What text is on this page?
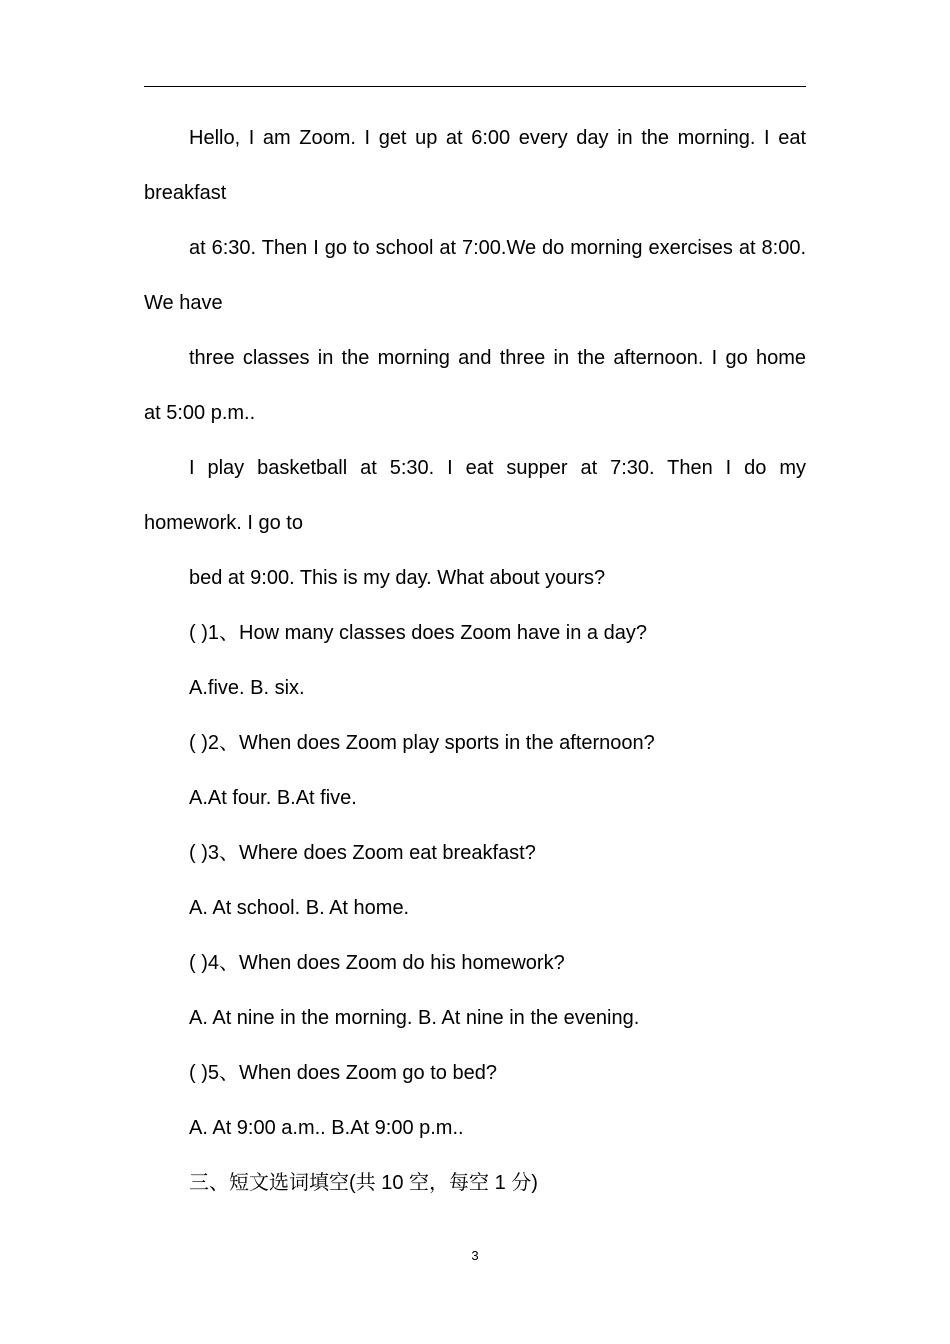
Hello, I am Zoom. I get up at 6:00 every day in the morning. I eat
breakfast
at 6:30. Then I go to school at 7:00.We do morning exercises at 8:00.
We have
three classes in the morning and three in the afternoon. I go home
at 5:00 p.m..
I play basketball at 5:30. I eat supper at 7:30. Then I do my
homework. I go to
bed at 9:00. This is my day. What about yours?
( )1、How many classes does Zoom have in a day?
A.five. B. six.
( )2、When does Zoom play sports in the afternoon?
A.At four. B.At five.
( )3、Where does Zoom eat breakfast?
A. At school. B. At home.
( )4、When does Zoom do his homework?
A. At nine in the morning. B. At nine in the evening.
( )5、When does Zoom go to bed?
A. At 9:00 a.m.. B.At 9:00 p.m..
三、短文选词填空(共 10 空，每空 1 分)
3
